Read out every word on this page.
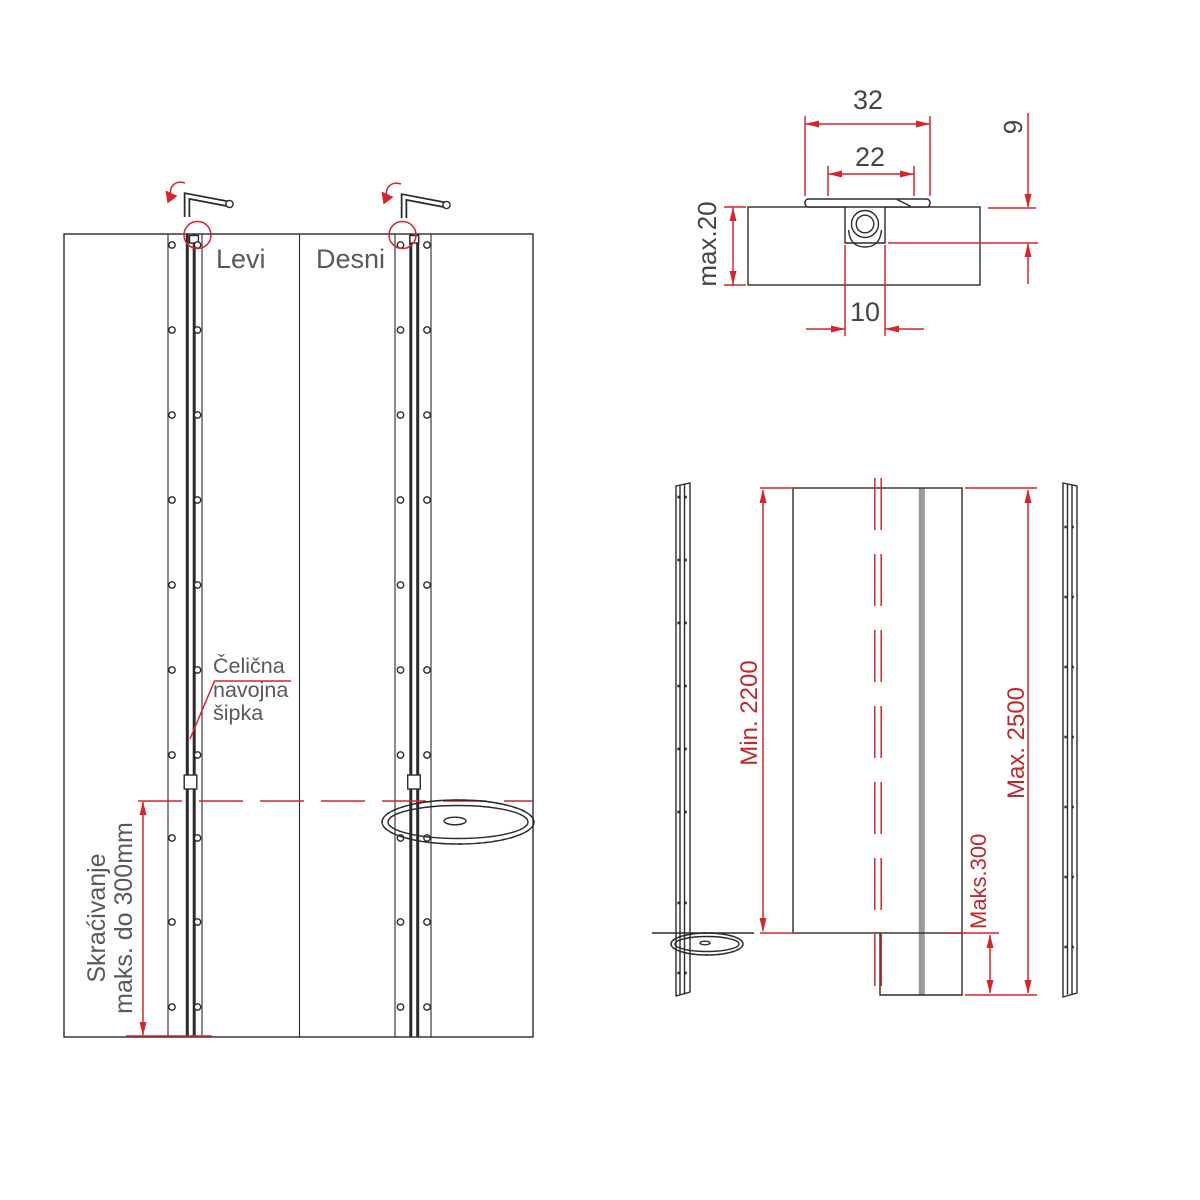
Levi Desni
Čelična
navojna
šipka
Skraćivanje maks. do 300mm
32
22
10
max.20
9
Min. 2200	Max. 2500
Maks.300
